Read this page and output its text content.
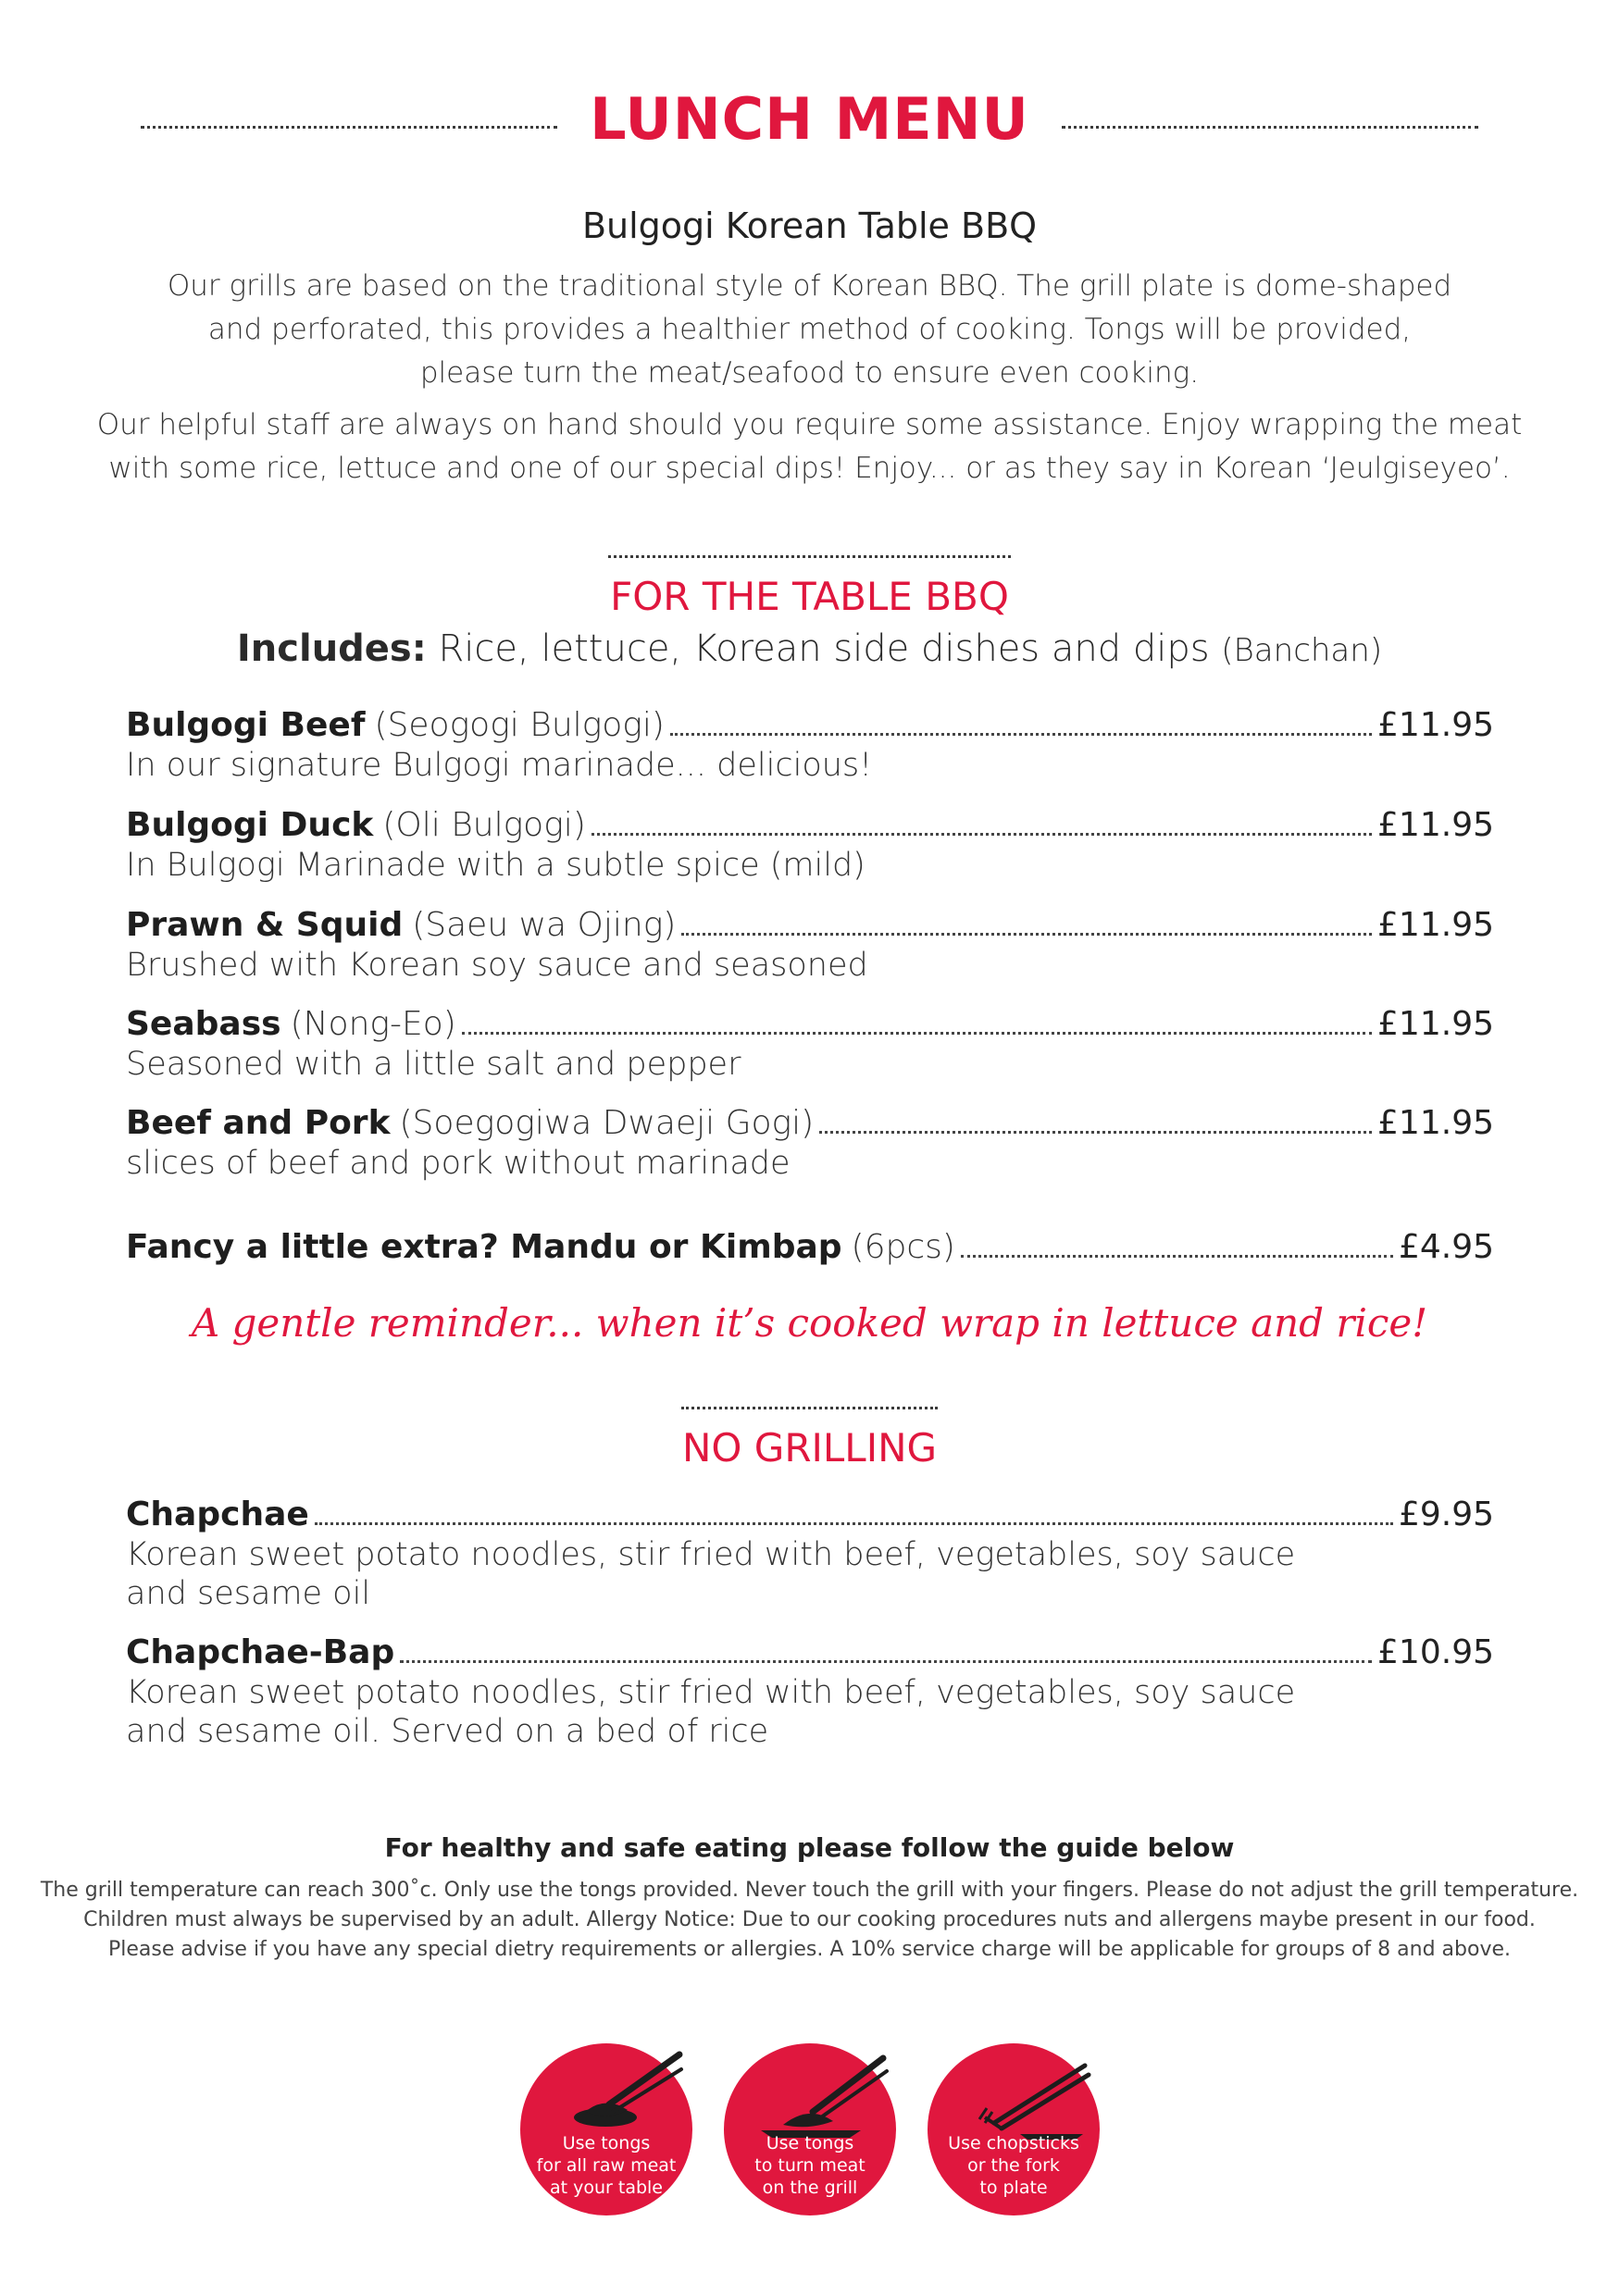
LUNCH MENU
Bulgogi Korean Table BBQ
Our grills are based on the traditional style of Korean BBQ. The grill plate is dome-shaped
and perforated, this provides a healthier method of cooking. Tongs will be provided,
please turn the meat/seafood to ensure even cooking.
Our helpful staff are always on hand should you require some assistance. Enjoy wrapping the meat
with some rice, lettuce and one of our special dips! Enjoy... or as they say in Korean ‘Jeulgiseyeo’.
FOR THE TABLE BBQ
Includes: Rice, lettuce, Korean side dishes and dips (Banchan)
Bulgogi Beef (Seogogi Bulgogi)	£11.95
In our signature Bulgogi marinade... delicious!
Bulgogi Duck (Oli Bulgogi)	£11.95
In Bulgogi Marinade with a subtle spice (mild)
Prawn & Squid (Saeu wa Ojing)	£11.95
Brushed with Korean soy sauce and seasoned
Seabass (Nong-Eo)	£11.95
Seasoned with a little salt and pepper
Beef and Pork (Soegogiwa Dwaeji Gogi)	£11.95
slices of beef and pork without marinade
Fancy a little extra? Mandu or Kimbap (6pcs)	£4.95
A gentle reminder... when it’s cooked wrap in lettuce and rice!
NO GRILLING
Chapchae	£9.95
Korean sweet potato noodles, stir fried with beef, vegetables, soy sauce
and sesame oil
Chapchae-Bap	£10.95
Korean sweet potato noodles, stir fried with beef, vegetables, soy sauce
and sesame oil. Served on a bed of rice
For healthy and safe eating please follow the guide below
The grill temperature can reach 300˚c. Only use the tongs provided. Never touch the grill with your fingers. Please do not adjust the grill temperature.
Children must always be supervised by an adult. Allergy Notice: Due to our cooking procedures nuts and allergens maybe present in our food.
Please advise if you have any special dietry requirements or allergies. A 10% service charge will be applicable for groups of 8 and above.
Use tongs
for all raw meat
at your table
Use tongs
to turn meat
on the grill
Use chopsticks
or the fork
to plate
